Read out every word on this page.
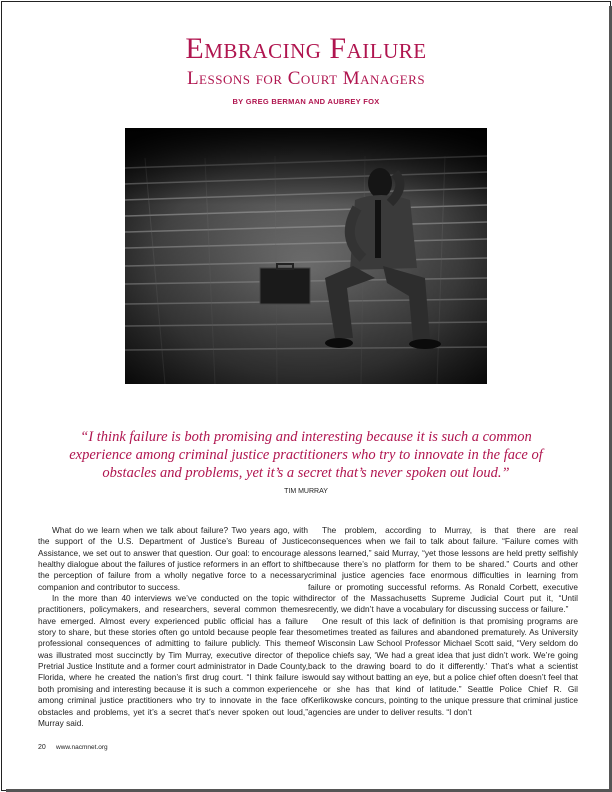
Embracing Failure
Lessons for Court Managers
BY GREG BERMAN AND AUBREY FOX
“I think failure is both promising and interesting because it is such a common experience among criminal justice practitioners who try to innovate in the face of obstacles and problems, yet it’s a secret that’s never spoken out loud.”
TIM MURRAY

What do we learn when we talk about failure? Two years ago, with the support of the U.S. Department of Justice’s Bureau of Justice Assistance, we set out to answer that question. Our goal: to encourage a healthy dialogue about the failures of justice reformers in an effort to shift the perception of failure from a wholly negative force to a necessary companion and contributor to success.

In the more than 40 interviews we’ve conducted on the topic with practitioners, policymakers, and researchers, several common themes have emerged. Almost every experienced public official has a failure story to share, but these stories often go untold because people fear the professional consequences of admitting to failure publicly. This theme was illustrated most succinctly by Tim Murray, executive director of the Pretrial Justice Institute and a former court administrator in Dade County, Florida, where he created the nation’s first drug court. “I think failure is both promising and interesting because it is such a common experience among criminal justice practitioners who try to innovate in the face of obstacles and problems, yet it’s a secret that’s never spoken out loud,” Murray said.

The problem, according to Murray, is that there are real consequences when we fail to talk about failure. “Failure comes with lessons learned,” said Murray, “yet those lessons are held pretty selfishly because there’s no platform for them to be shared.” Courts and other criminal justice agencies face enormous difficulties in learning from failure or promoting successful reforms. As Ronald Corbett, executive director of the Massachusetts Supreme Judicial Court put it, “Until recently, we didn’t have a vocabulary for discussing success or failure.”

One result of this lack of definition is that promising programs are sometimes treated as failures and abandoned prematurely. As University of Wisconsin Law School Professor Michael Scott said, “Very seldom do police chiefs say, ‘We had a great idea that just didn’t work. We’re going back to the drawing board to do it differently.’ That’s what a scientist would say without batting an eye, but a police chief often doesn’t feel that he or she has that kind of latitude.” Seattle Police Chief R. Gil Kerlikowske concurs, pointing to the unique pressure that criminal justice agencies are under to deliver results. “I don’t

20 www.nacmnet.org
